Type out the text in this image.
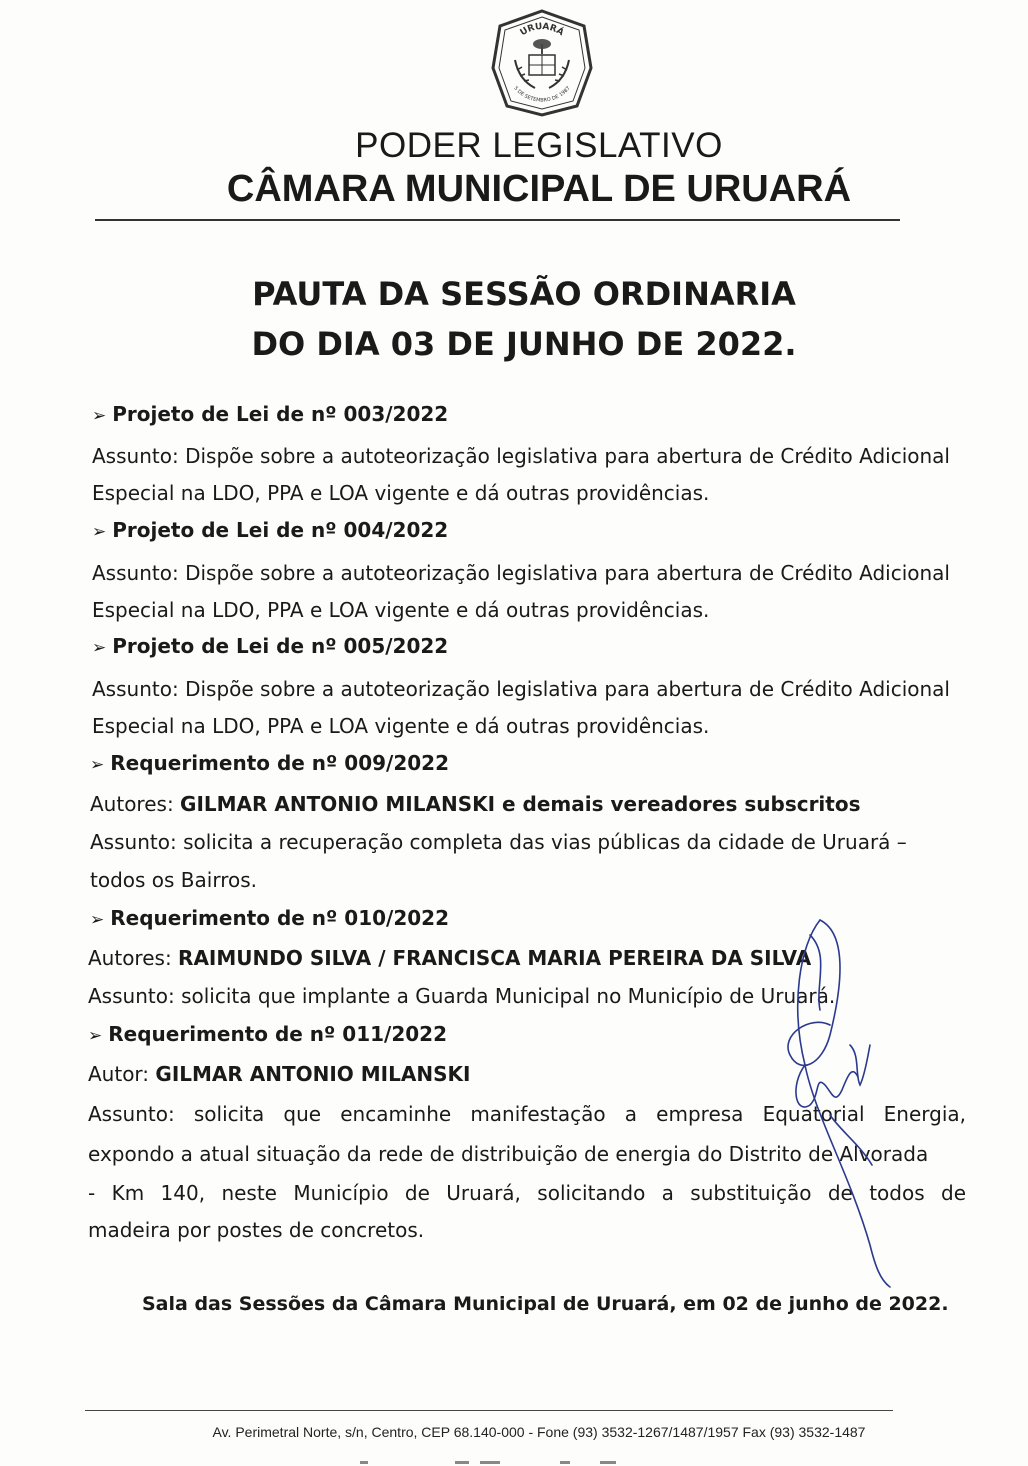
URUARÁ
5 DE SETEMBRO DE 1987
PODER LEGISLATIVO
CÂMARA MUNICIPAL DE URUARÁ
PAUTA DA SESSÃO ORDINARIA
DO DIA 03 DE JUNHO DE 2022.
➢ Projeto de Lei de nº 003/2022
Assunto: Dispõe sobre a autoteorização legislativa para abertura de Crédito Adicional
Especial na LDO, PPA e LOA vigente e dá outras providências.
➢ Projeto de Lei de nº 004/2022
Assunto: Dispõe sobre a autoteorização legislativa para abertura de Crédito Adicional
Especial na LDO, PPA e LOA vigente e dá outras providências.
➢ Projeto de Lei de nº 005/2022
Assunto: Dispõe sobre a autoteorização legislativa para abertura de Crédito Adicional
Especial na LDO, PPA e LOA vigente e dá outras providências.
➢ Requerimento de nº 009/2022
Autores: GILMAR ANTONIO MILANSKI e demais vereadores subscritos
Assunto: solicita a recuperação completa das vias públicas da cidade de Uruará –
todos os Bairros.
➢ Requerimento de nº 010/2022
Autores: RAIMUNDO SILVA / FRANCISCA MARIA PEREIRA DA SILVA
Assunto: solicita que implante a Guarda Municipal no Município de Uruará.
➢ Requerimento de nº 011/2022
Autor: GILMAR ANTONIO MILANSKI
Assunto: solicita que encaminhe manifestação a empresa Equatorial Energia,
expondo a atual situação da rede de distribuição de energia do Distrito de Alvorada
- Km 140, neste Município de Uruará, solicitando a substituição de todos de
madeira por postes de concretos.
Sala das Sessões da Câmara Municipal de Uruará, em 02 de junho de 2022.
Av. Perimetral Norte, s/n, Centro, CEP 68.140-000 - Fone (93) 3532-1267/1487/1957 Fax (93) 3532-1487
